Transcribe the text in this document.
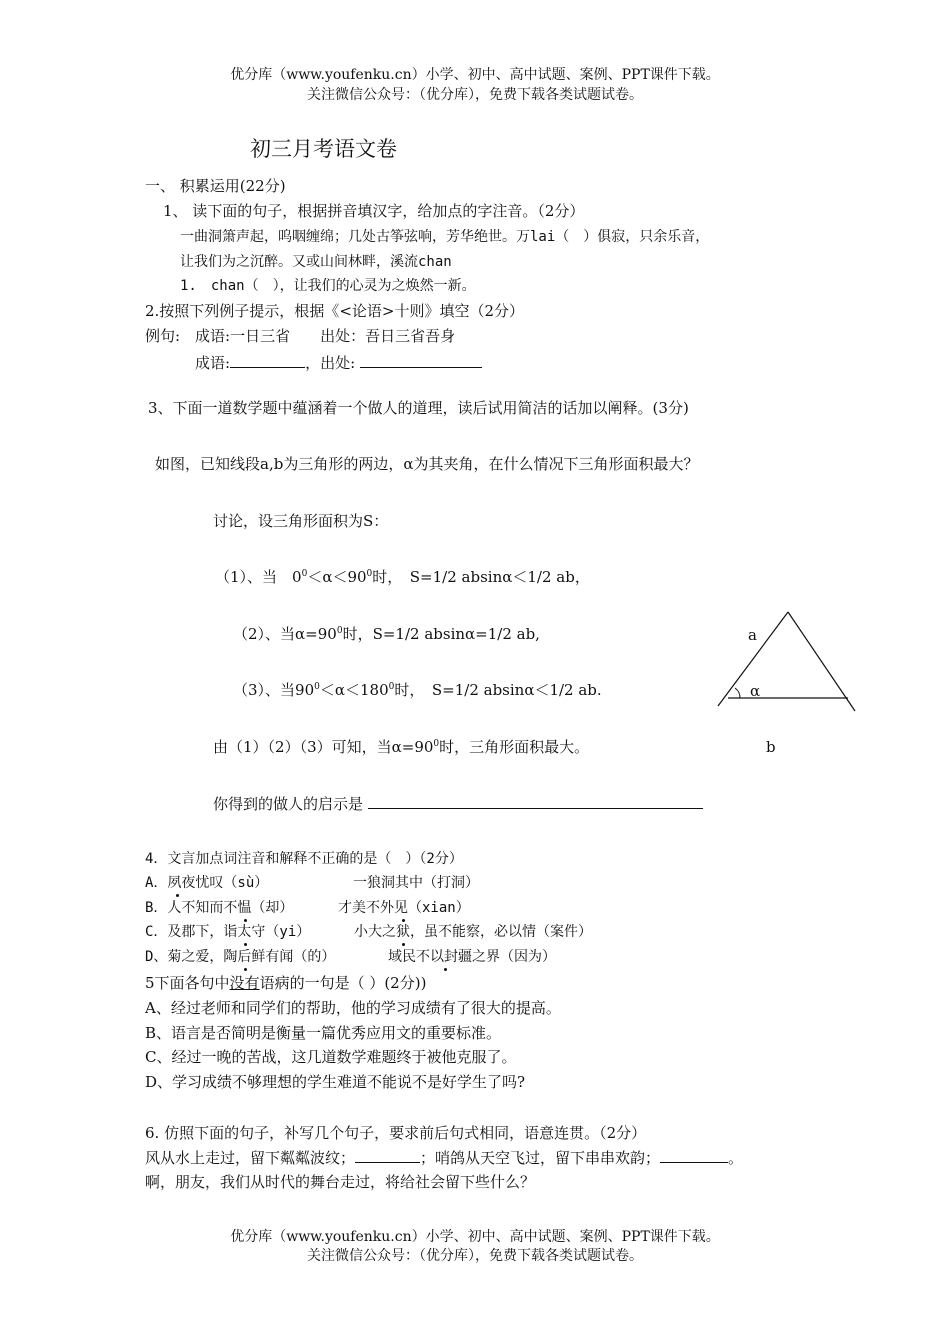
优分库（www.youfenku.cn）小学、初中、高中试题、案例、PPT课件下载。
关注微信公众号：（优分库），免费下载各类试题试卷。
初三月考语文卷
一、 积累运用(22分)
1、 读下面的句子，根据拼音填汉字，给加点的字注音。（2分）
一曲洞箫声起，呜咽缠绵；几处古筝弦响，芳华绝世。万lai（　）俱寂，只余乐音，
让我们为之沉醉。又或山间林畔，溪流chan
1.　chan（　），让我们的心灵为之焕然一新。
2.按照下列例子提示，根据《<论语>十则》填空（2分）
例句:　成语:一日三省　　出处：吾日三省吾身
成语:	，出处:
3、下面一道数学题中蕴涵着一个做人的道理，读后试用简洁的话加以阐释。(3分)
如图，已知线段a,b为三角形的两边，α为其夹角，在什么情况下三角形面积最大？
讨论，设三角形面积为S：
（1）、当　$0^0<\alpha<90^0$时，　S=1/2 absinα＜1/2 ab，
（2）、当$\alpha=90^0$时，S=1/2 absinα=1/2 ab,
（3）、当$90^0<\alpha<180^0$时，　S=1/2 absinα＜1/2 ab.
由（1）（2）（3）可知，当$\alpha=90^0$时，三角形面积最大。
你得到的做人的启示是
a
α
b
4．文言加点词注音和解释不正确的是（　）（2分）
A．夙夜忧叹（sù）	一狼洞其中（打洞）
B．人不知而不愠（却）	才美不外见（xian）
C．及郡下，诣太守（yi）	小大之狱，虽不能察，必以情（案件）
D、菊之爱，陶后鲜有闻（的）	域民不以封疆之界（因为）
5下面各句中没有语病的一句是（ ）(2分))
A、经过老师和同学们的帮助，他的学习成绩有了很大的提高。
B、语言是否简明是衡量一篇优秀应用文的重要标准。
C、经过一晚的苦战，这几道数学难题终于被他克服了。
D、学习成绩不够理想的学生难道不能说不是好学生了吗?
6. 仿照下面的句子，补写几个句子，要求前后句式相同，语意连贯。（2分）
风从水上走过，留下粼粼波纹；	；哨鸽从天空飞过，留下串串欢韵；	。
啊，朋友，我们从时代的舞台走过，将给社会留下些什么？
优分库（www.youfenku.cn）小学、初中、高中试题、案例、PPT课件下载。
关注微信公众号：（优分库），免费下载各类试题试卷。
